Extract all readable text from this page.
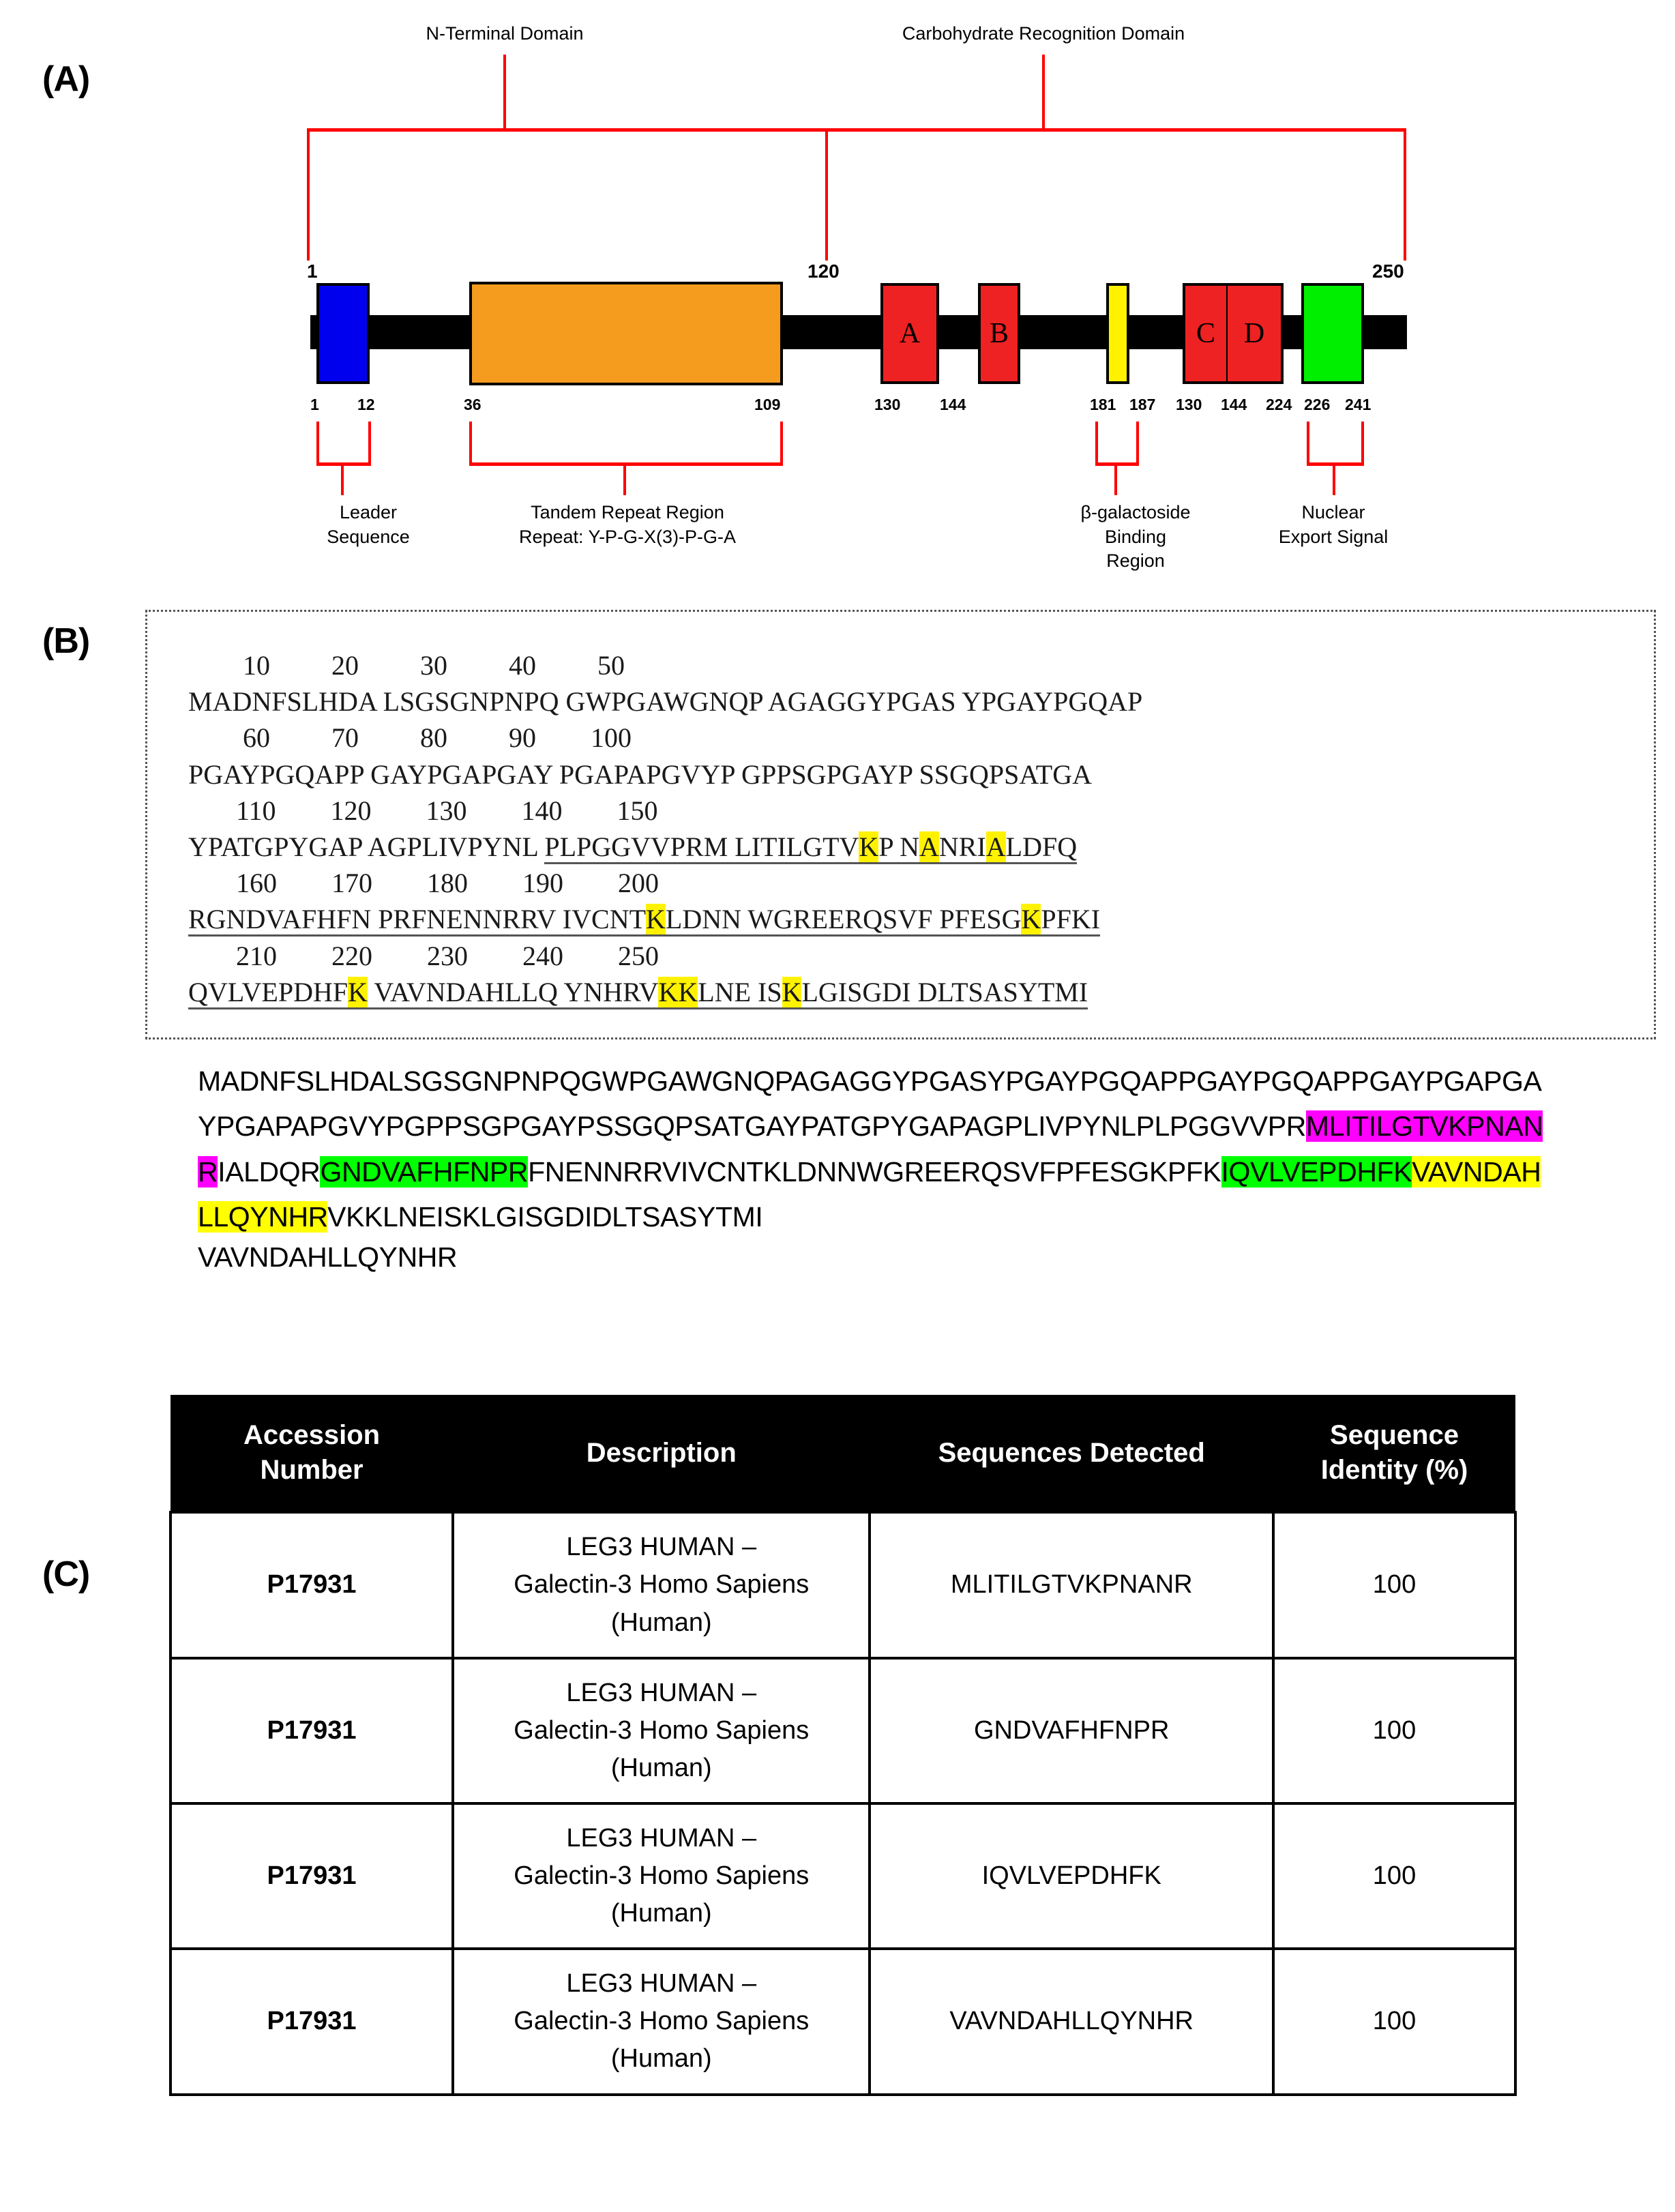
(A)
N-Terminal Domain	Carbohydrate Recognition Domain
1	120	250
A	B	C D
1 12	36	109	130	144	181 187 130 144 224 226 241
Leader
Sequence
Tandem Repeat Region
Repeat: Y-P-G-X(3)-P-G-A
β-galactoside
Binding
Region
Nuclear
Export Signal
(B)
10         20         30         40         50
MADNFSLHDA LSGSGNPNPQ GWPGAWGNQP AGAGGYPGAS YPGAYPGQAP
60         70         80         90        100
PGAYPGQAPP GAYPGAPGAY PGAPAPGVYP GPPSGPGAYP SSGQPSATGA
110        120        130        140        150
YPATGPYGAP AGPLIVPYNL PLPGGVVPRM LITILGTVKP NANRIALDFQ
160        170        180        190        200
RGNDVAFHFN PRFNENNRRV IVCNTKLDNN WGREERQSVF PFESGKPFKI
210        220        230        240        250
QVLVEPDHFK VAVNDAHLLQ YNHRVKKLNE ISKLGISGDI DLTSASYTMI
MADNFSLHDALSGSGNPNPQGWPGAWGNQPAGAGGYPGASYPGAYPGQAPPGAYPGQAPPGAYPGAPGAYPGAPAPGVYPGPPSGPGAYPSSGQPSATGAYPATGPYGAPAGPLIVPYNLPLPGGVVPRMLITILGTVKPNANRIALDQRGNDVAFHFNPRFNENNRRVIVCNTKLDNNWGREERQSVFPFESGKPFKIQVLVEPDHFKVAVNDAHLLQYNHRVKKLNEISKLGISGDIDLTSASYTMI
VAVNDAHLLQYNHR
(C)
Accession
Number	Description	Sequences Detected	Sequence
Identity (%)
P17931	LEG3 HUMAN –
Galectin-3 Homo Sapiens
(Human)	MLITILGTVKPNANR	100
P17931	LEG3 HUMAN –
Galectin-3 Homo Sapiens
(Human)	GNDVAFHFNPR	100
P17931	LEG3 HUMAN –
Galectin-3 Homo Sapiens
(Human)	IQVLVEPDHFK	100
P17931	LEG3 HUMAN –
Galectin-3 Homo Sapiens
(Human)	VAVNDAHLLQYNHR	100
